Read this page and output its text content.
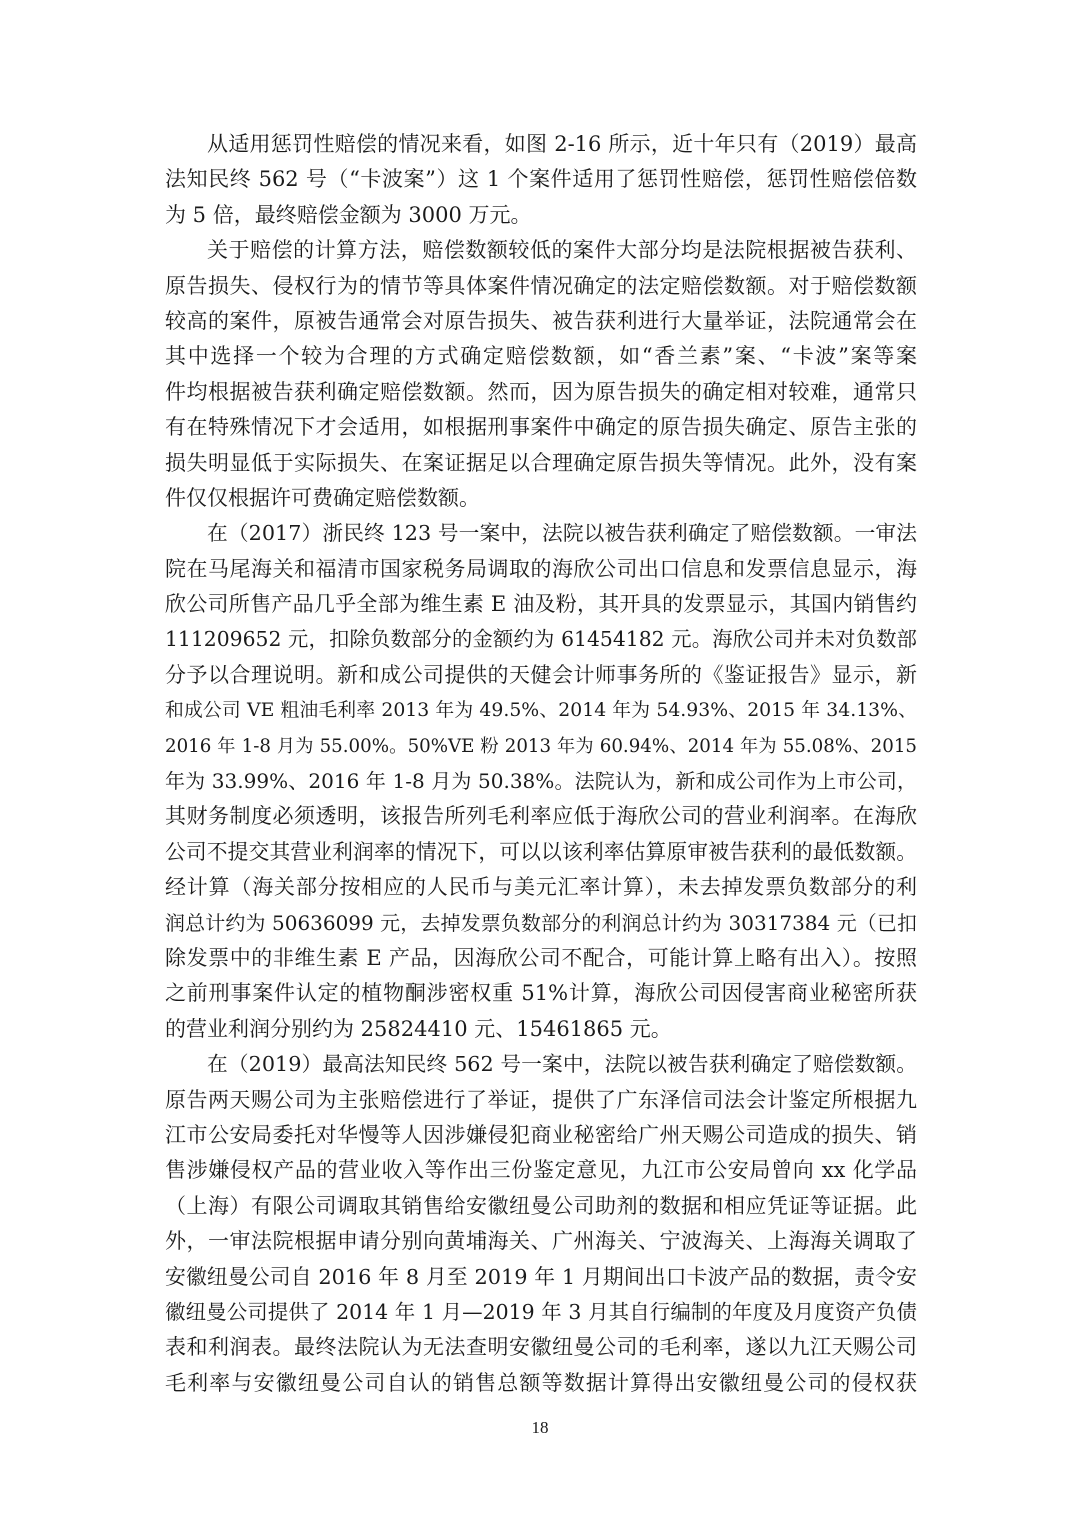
从适用惩罚性赔偿的情况来看，如图 2-16 所示，近十年只有（2019）最高
法知民终 562 号（“卡波案”）这 1 个案件适用了惩罚性赔偿，惩罚性赔偿倍数
为 5 倍，最终赔偿金额为 3000 万元。
关于赔偿的计算方法，赔偿数额较低的案件大部分均是法院根据被告获利、
原告损失、侵权行为的情节等具体案件情况确定的法定赔偿数额。对于赔偿数额
较高的案件，原被告通常会对原告损失、被告获利进行大量举证，法院通常会在
其中选择一个较为合理的方式确定赔偿数额，如“香兰素”案、“卡波”案等案
件均根据被告获利确定赔偿数额。然而，因为原告损失的确定相对较难，通常只
有在特殊情况下才会适用，如根据刑事案件中确定的原告损失确定、原告主张的
损失明显低于实际损失、在案证据足以合理确定原告损失等情况。此外，没有案
件仅仅根据许可费确定赔偿数额。
在（2017）浙民终 123 号一案中，法院以被告获利确定了赔偿数额。一审法
院在马尾海关和福清市国家税务局调取的海欣公司出口信息和发票信息显示，海
欣公司所售产品几乎全部为维生素 E 油及粉，其开具的发票显示，其国内销售约
111209652 元，扣除负数部分的金额约为 61454182 元。海欣公司并未对负数部
分予以合理说明。新和成公司提供的天健会计师事务所的《鉴证报告》显示，新
和成公司 VE 粗油毛利率 2013 年为 49.5%、2014 年为 54.93%、2015 年 34.13%、
2016 年 1-8 月为 55.00%。50%VE 粉 2013 年为 60.94%、2014 年为 55.08%、2015
年为 33.99%、2016 年 1-8 月为 50.38%。法院认为，新和成公司作为上市公司，
其财务制度必须透明，该报告所列毛利率应低于海欣公司的营业利润率。在海欣
公司不提交其营业利润率的情况下，可以以该利率估算原审被告获利的最低数额。
经计算（海关部分按相应的人民币与美元汇率计算），未去掉发票负数部分的利
润总计约为 50636099 元，去掉发票负数部分的利润总计约为 30317384 元（已扣
除发票中的非维生素 E 产品，因海欣公司不配合，可能计算上略有出入）。按照
之前刑事案件认定的植物酮涉密权重 51%计算，海欣公司因侵害商业秘密所获
的营业利润分别约为 25824410 元、15461865 元。
在（2019）最高法知民终 562 号一案中，法院以被告获利确定了赔偿数额。
原告两天赐公司为主张赔偿进行了举证，提供了广东泽信司法会计鉴定所根据九
江市公安局委托对华慢等人因涉嫌侵犯商业秘密给广州天赐公司造成的损失、销
售涉嫌侵权产品的营业收入等作出三份鉴定意见，九江市公安局曾向 xx 化学品
（上海）有限公司调取其销售给安徽纽曼公司助剂的数据和相应凭证等证据。此
外，一审法院根据申请分别向黄埔海关、广州海关、宁波海关、上海海关调取了
安徽纽曼公司自 2016 年 8 月至 2019 年 1 月期间出口卡波产品的数据，责令安
徽纽曼公司提供了 2014 年 1 月—2019 年 3 月其自行编制的年度及月度资产负债
表和利润表。最终法院认为无法查明安徽纽曼公司的毛利率，遂以九江天赐公司
毛利率与安徽纽曼公司自认的销售总额等数据计算得出安徽纽曼公司的侵权获
18
